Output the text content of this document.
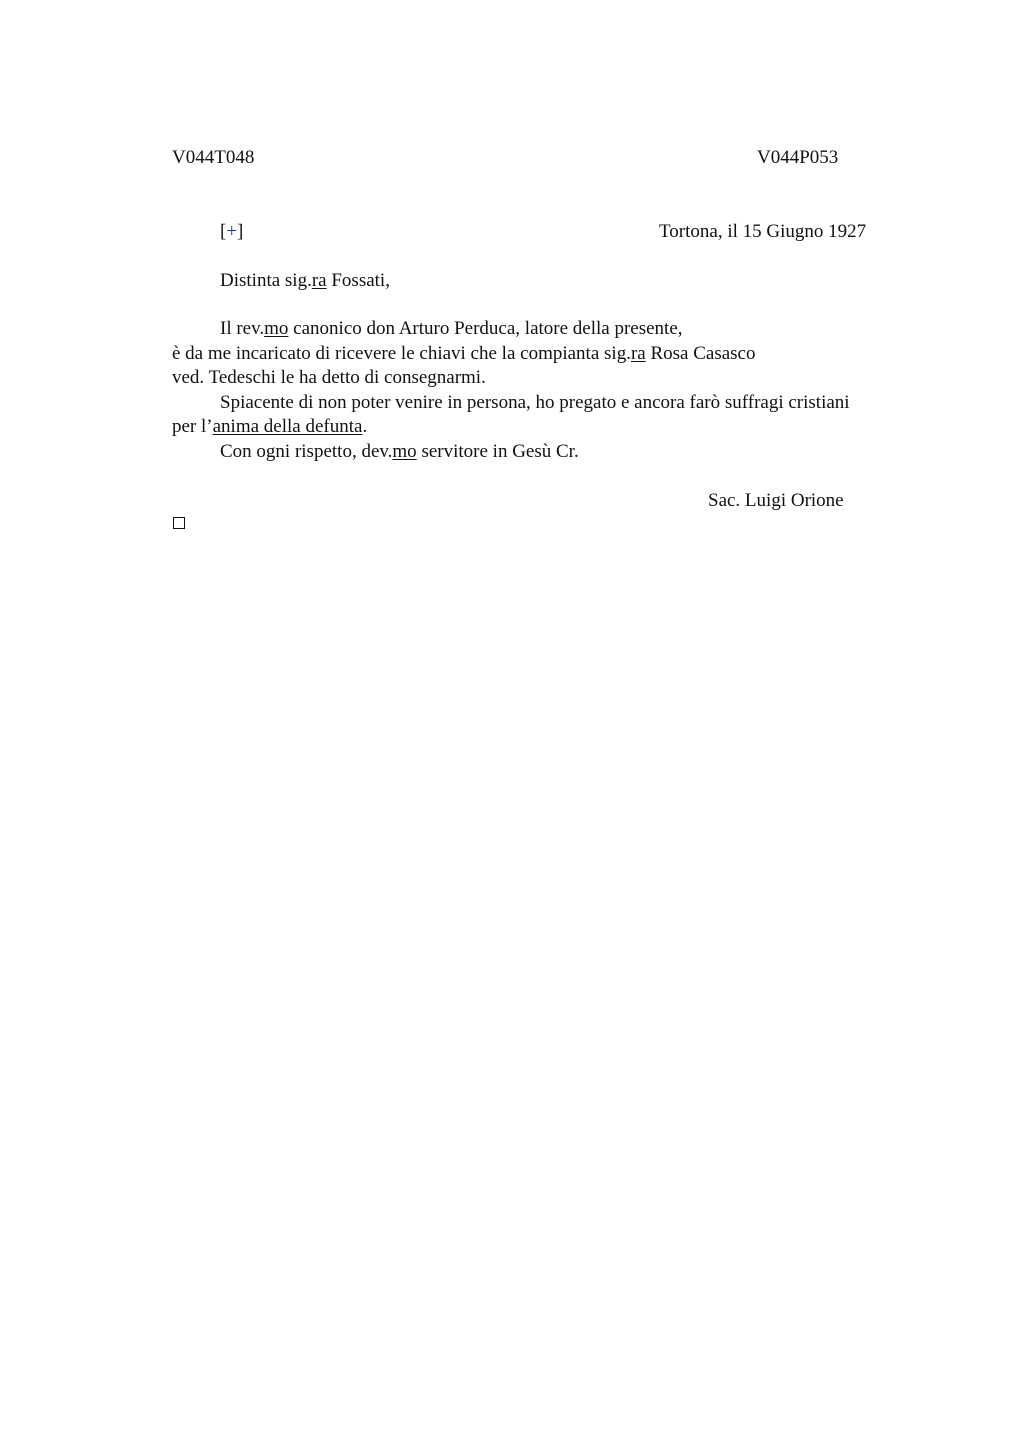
V044T048	V044P053
[+]	Tortona, il 15 Giugno 1927
Distinta sig.ra Fossati,
Il rev.mo canonico don Arturo Perduca, latore della presente,
è da me incaricato di ricevere le chiavi che la compianta sig.ra Rosa Casasco
ved. Tedeschi le ha detto di consegnarmi.
Spiacente di non poter venire in persona, ho pregato e ancora farò suffragi cristiani
per l’anima della defunta.
Con ogni rispetto, dev.mo servitore in Gesù Cr.
Sac. Luigi Orione
